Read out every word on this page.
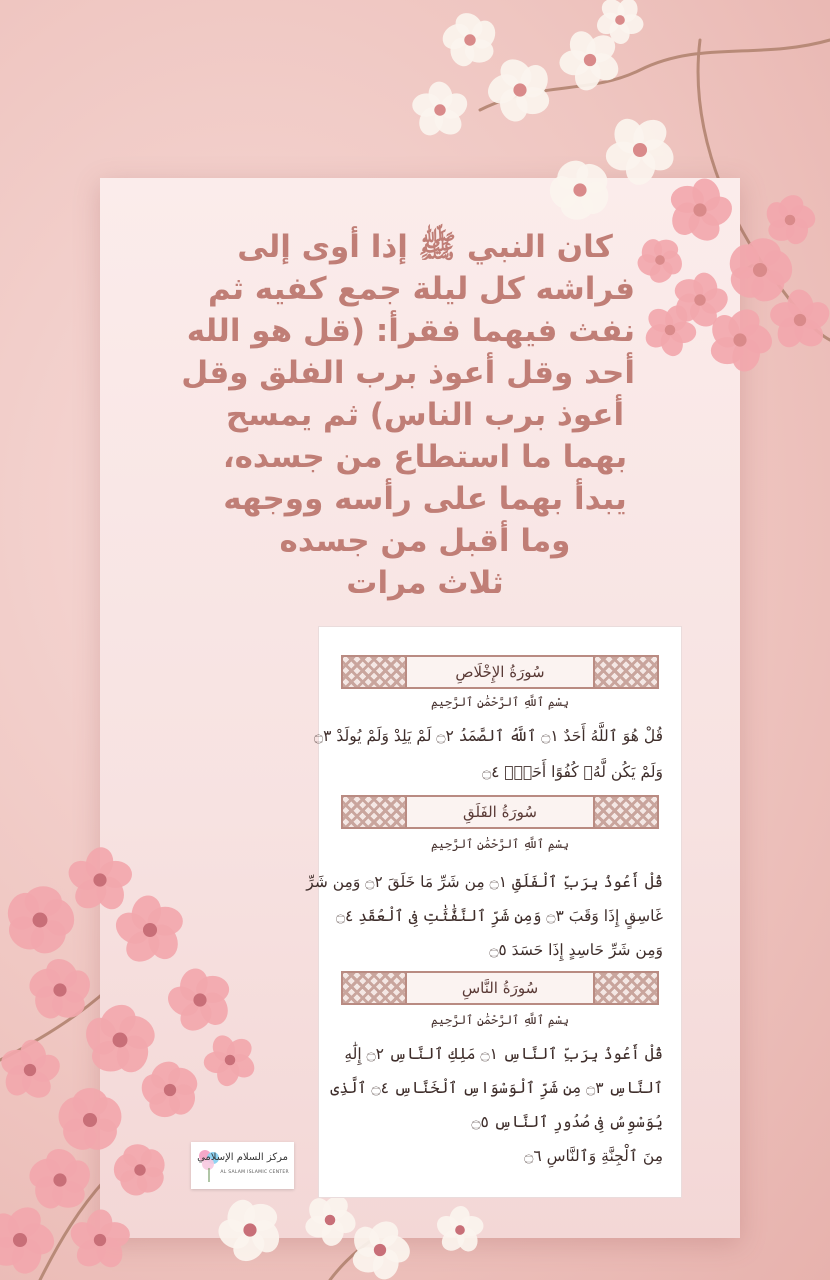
كان النبي ﷺ إذا أوى إلى
فراشه كل ليلة جمع كفيه ثم
نفث فيهما فقرأ: (قل هو الله
أحد وقل أعوذ برب الفلق وقل
أعوذ برب الناس) ثم يمسح
بهما ما استطاع من جسده،
يبدأ بهما على رأسه ووجهه
وما أقبل من جسده
ثلاث مرات
سُورَةُ الإِخْلَاصِ
بِسْمِ ٱللَّهِ ٱلرَّحْمَٰنِ ٱلرَّحِيمِ
قُلْ هُوَ ٱللَّهُ أَحَدٌ ۝١ ٱللَّهُ ٱلصَّمَدُ ۝٢ لَمْ يَلِدْ وَلَمْ يُولَدْ ۝٣
وَلَمْ يَكُن لَّهُۥ كُفُوًا أَحَدٌۢ ۝٤
سُورَةُ الفَلَقِ
بِسْمِ ٱللَّهِ ٱلرَّحْمَٰنِ ٱلرَّحِيمِ
قُلْ أَعُوذُ بِرَبِّ ٱلْفَلَقِ ۝١ مِن شَرِّ مَا خَلَقَ ۝٢ وَمِن شَرِّ
غَاسِقٍ إِذَا وَقَبَ ۝٣ وَمِن شَرِّ ٱلنَّفَّٰثَٰتِ فِى ٱلْعُقَدِ ۝٤
وَمِن شَرِّ حَاسِدٍ إِذَا حَسَدَ ۝٥
سُورَةُ النَّاسِ
بِسْمِ ٱللَّهِ ٱلرَّحْمَٰنِ ٱلرَّحِيمِ
قُلْ أَعُوذُ بِرَبِّ ٱلنَّاسِ ۝١ مَلِكِ ٱلنَّاسِ ۝٢ إِلَٰهِ
ٱلنَّاسِ ۝٣ مِن شَرِّ ٱلْوَسْوَاسِ ٱلْخَنَّاسِ ۝٤ ٱلَّذِى
يُوَسْوِسُ فِى صُدُورِ ٱلنَّاسِ ۝٥
مِنَ ٱلْجِنَّةِ وَٱلنَّاسِ ۝٦
مركز السلام الإسلامي
AL SALAM ISLAMIC CENTER
